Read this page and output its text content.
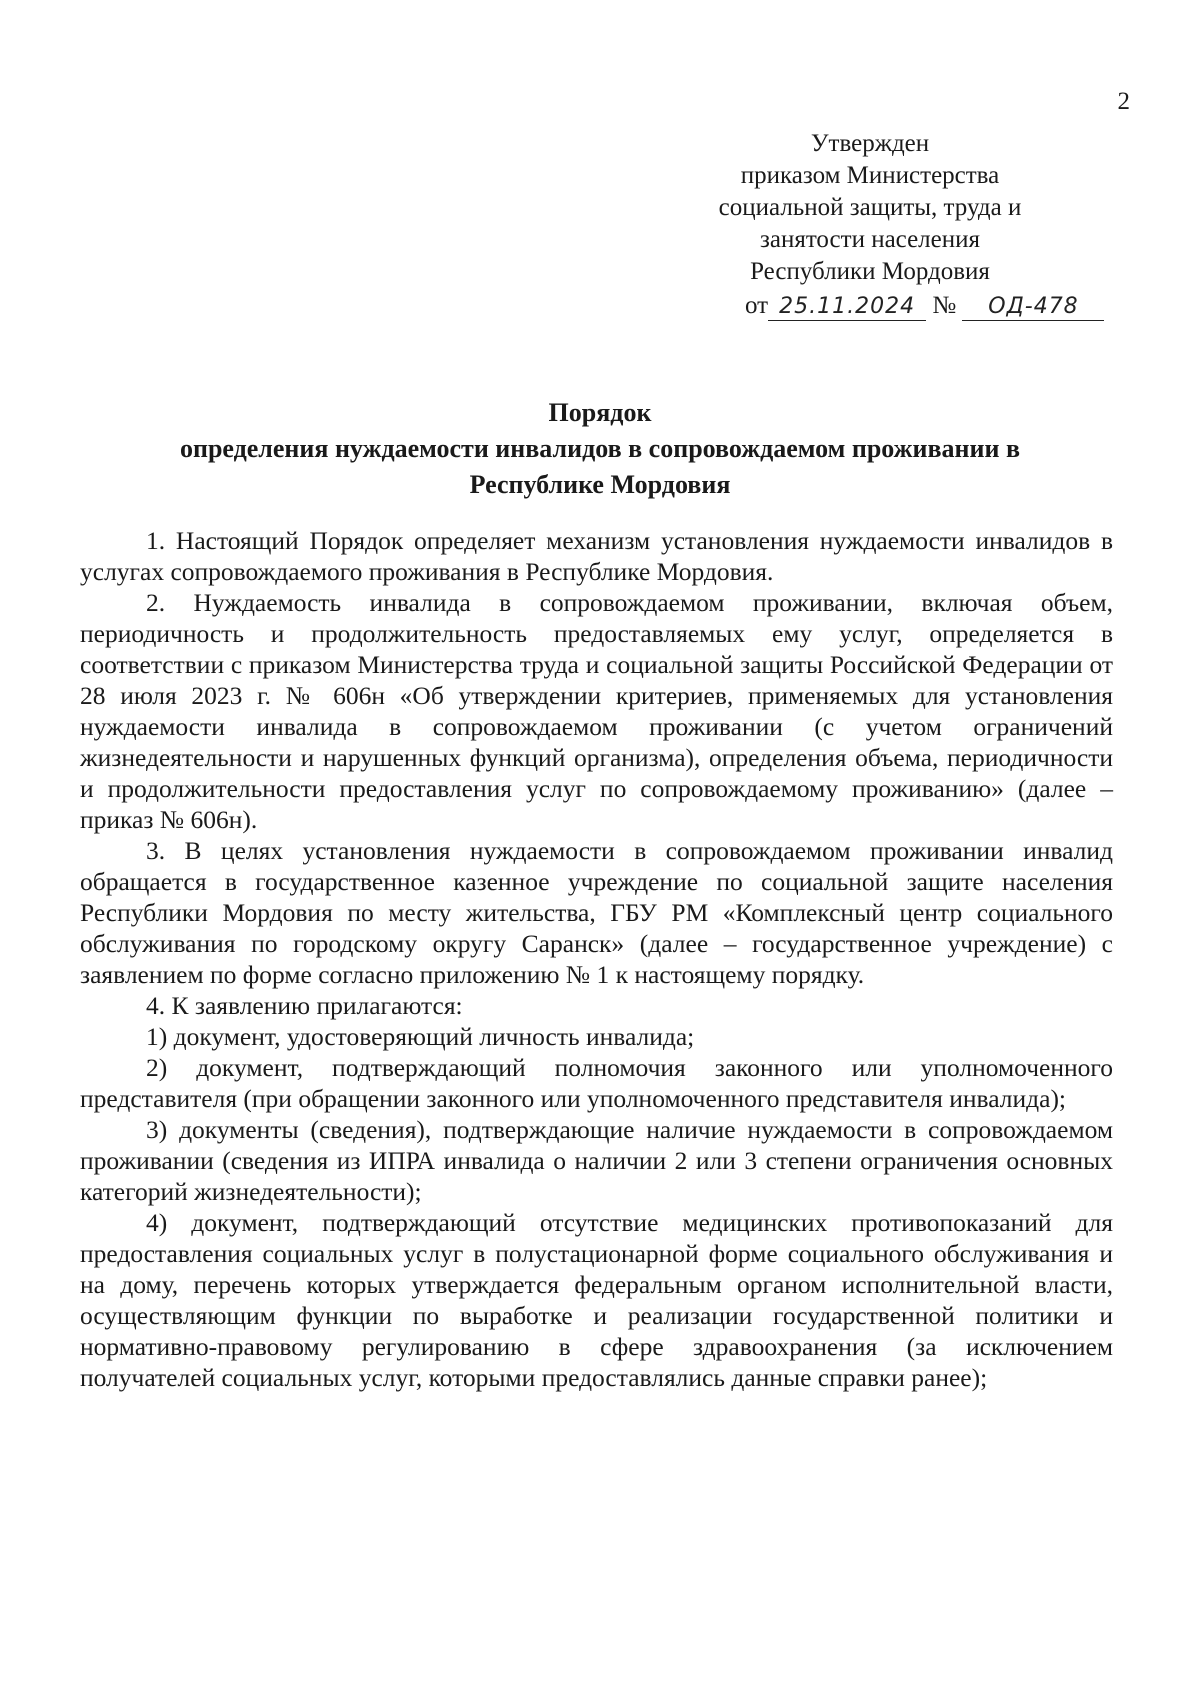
2
Утвержден
приказом Министерства
социальной защиты, труда и
занятости населения
Республики Мордовия
от 25.11.2024 № ОД-478
Порядок
определения нуждаемости инвалидов в сопровождаемом проживании в
Республике Мордовия

1. Настоящий Порядок определяет механизм установления нуждаемости инвалидов в услугах сопровождаемого проживания в Республике Мордовия.

2. Нуждаемость инвалида в сопровождаемом проживании, включая объем, периодичность и продолжительность предоставляемых ему услуг, определяется в соответствии с приказом Министерства труда и социальной защиты Российской Федерации от 28 июля 2023 г. № 606н «Об утверждении критериев, применяемых для установления нуждаемости инвалида в сопровождаемом проживании (с учетом ограничений жизнедеятельности и нарушенных функций организма), определения объема, периодичности и продолжительности предоставления услуг по сопровождаемому проживанию» (далее – приказ № 606н).

3. В целях установления нуждаемости в сопровождаемом проживании инвалид обращается в государственное казенное учреждение по социальной защите населения Республики Мордовия по месту жительства, ГБУ РМ «Комплексный центр социального обслуживания по городскому округу Саранск» (далее – государственное учреждение) с заявлением по форме согласно приложению № 1 к настоящему порядку.

4. К заявлению прилагаются:

1) документ, удостоверяющий личность инвалида;

2) документ, подтверждающий полномочия законного или уполномоченного представителя (при обращении законного или уполномоченного представителя инвалида);

3) документы (сведения), подтверждающие наличие нуждаемости в сопровождаемом проживании (сведения из ИПРА инвалида о наличии 2 или 3 степени ограничения основных категорий жизнедеятельности);

4) документ, подтверждающий отсутствие медицинских противопоказаний для предоставления социальных услуг в полустационарной форме социального обслуживания и на дому, перечень которых утверждается федеральным органом исполнительной власти, осуществляющим функции по выработке и реализации государственной политики и нормативно-правовому регулированию в сфере здравоохранения (за исключением получателей социальных услуг, которыми предоставлялись данные справки ранее);
